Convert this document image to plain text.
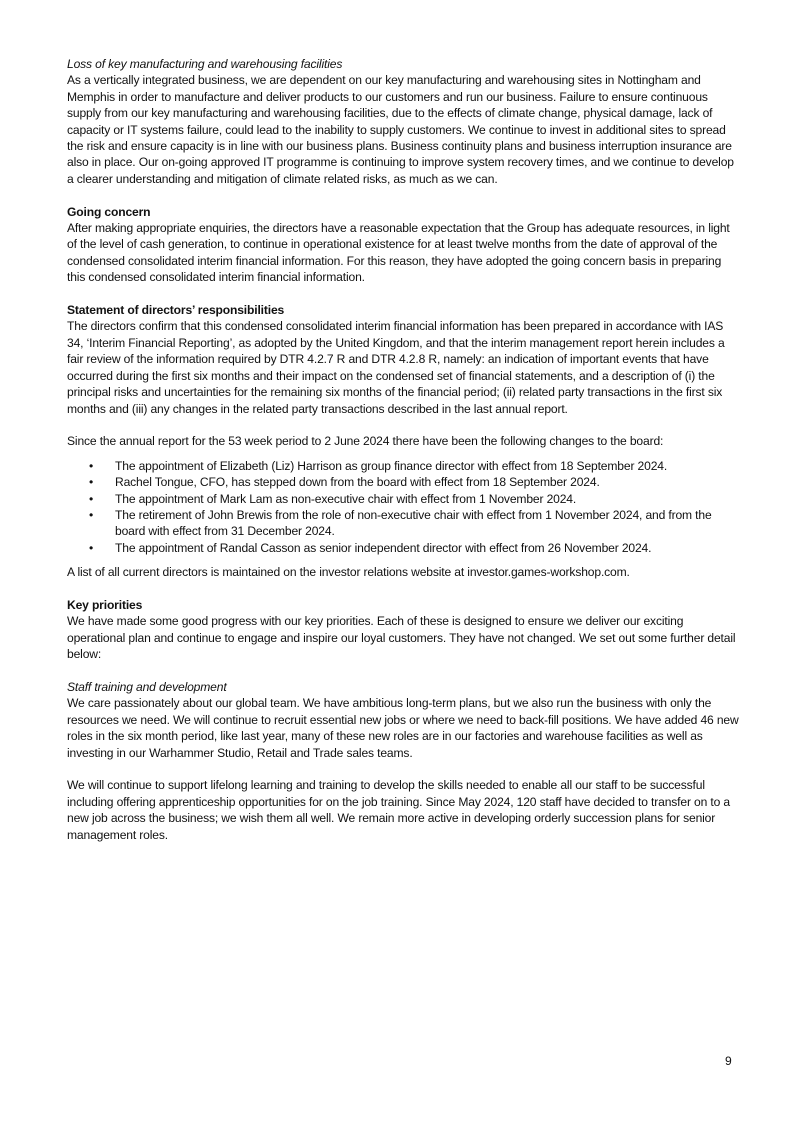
Loss of key manufacturing and warehousing facilities

As a vertically integrated business, we are dependent on our key manufacturing and warehousing sites in Nottingham and Memphis in order to manufacture and deliver products to our customers and run our business. Failure to ensure continuous supply from our key manufacturing and warehousing facilities, due to the effects of climate change, physical damage, lack of capacity or IT systems failure, could lead to the inability to supply customers. We continue to invest in additional sites to spread the risk and ensure capacity is in line with our business plans. Business continuity plans and business interruption insurance are also in place. Our on-going approved IT programme is continuing to improve system recovery times, and we continue to develop a clearer understanding and mitigation of climate related risks, as much as we can.

Going concern

After making appropriate enquiries, the directors have a reasonable expectation that the Group has adequate resources, in light of the level of cash generation, to continue in operational existence for at least twelve months from the date of approval of the condensed consolidated interim financial information. For this reason, they have adopted the going concern basis in preparing this condensed consolidated interim financial information.

Statement of directors’ responsibilities

The directors confirm that this condensed consolidated interim financial information has been prepared in accordance with IAS 34, ‘Interim Financial Reporting’, as adopted by the United Kingdom, and that the interim management report herein includes a fair review of the information required by DTR 4.2.7 R and DTR 4.2.8 R, namely: an indication of important events that have occurred during the first six months and their impact on the condensed set of financial statements, and a description of (i) the principal risks and uncertainties for the remaining six months of the financial period; (ii) related party transactions in the first six months and (iii) any changes in the related party transactions described in the last annual report.

Since the annual report for the 53 week period to 2 June 2024 there have been the following changes to the board:

• The appointment of Elizabeth (Liz) Harrison as group finance director with effect from 18 September 2024.
• Rachel Tongue, CFO, has stepped down from the board with effect from 18 September 2024.
• The appointment of Mark Lam as non-executive chair with effect from 1 November 2024.
• The retirement of John Brewis from the role of non-executive chair with effect from 1 November 2024, and from the board with effect from 31 December 2024.
• The appointment of Randal Casson as senior independent director with effect from 26 November 2024.

A list of all current directors is maintained on the investor relations website at investor.games-workshop.com.

Key priorities

We have made some good progress with our key priorities. Each of these is designed to ensure we deliver our exciting operational plan and continue to engage and inspire our loyal customers. They have not changed. We set out some further detail below:

Staff training and development

We care passionately about our global team. We have ambitious long-term plans, but we also run the business with only the resources we need. We will continue to recruit essential new jobs or where we need to back-fill positions. We have added 46 new roles in the six month period, like last year, many of these new roles are in our factories and warehouse facilities as well as investing in our Warhammer Studio, Retail and Trade sales teams.

We will continue to support lifelong learning and training to develop the skills needed to enable all our staff to be successful including offering apprenticeship opportunities for on the job training. Since May 2024, 120 staff have decided to transfer on to a new job across the business; we wish them all well. We remain more active in developing orderly succession plans for senior management roles.

9
